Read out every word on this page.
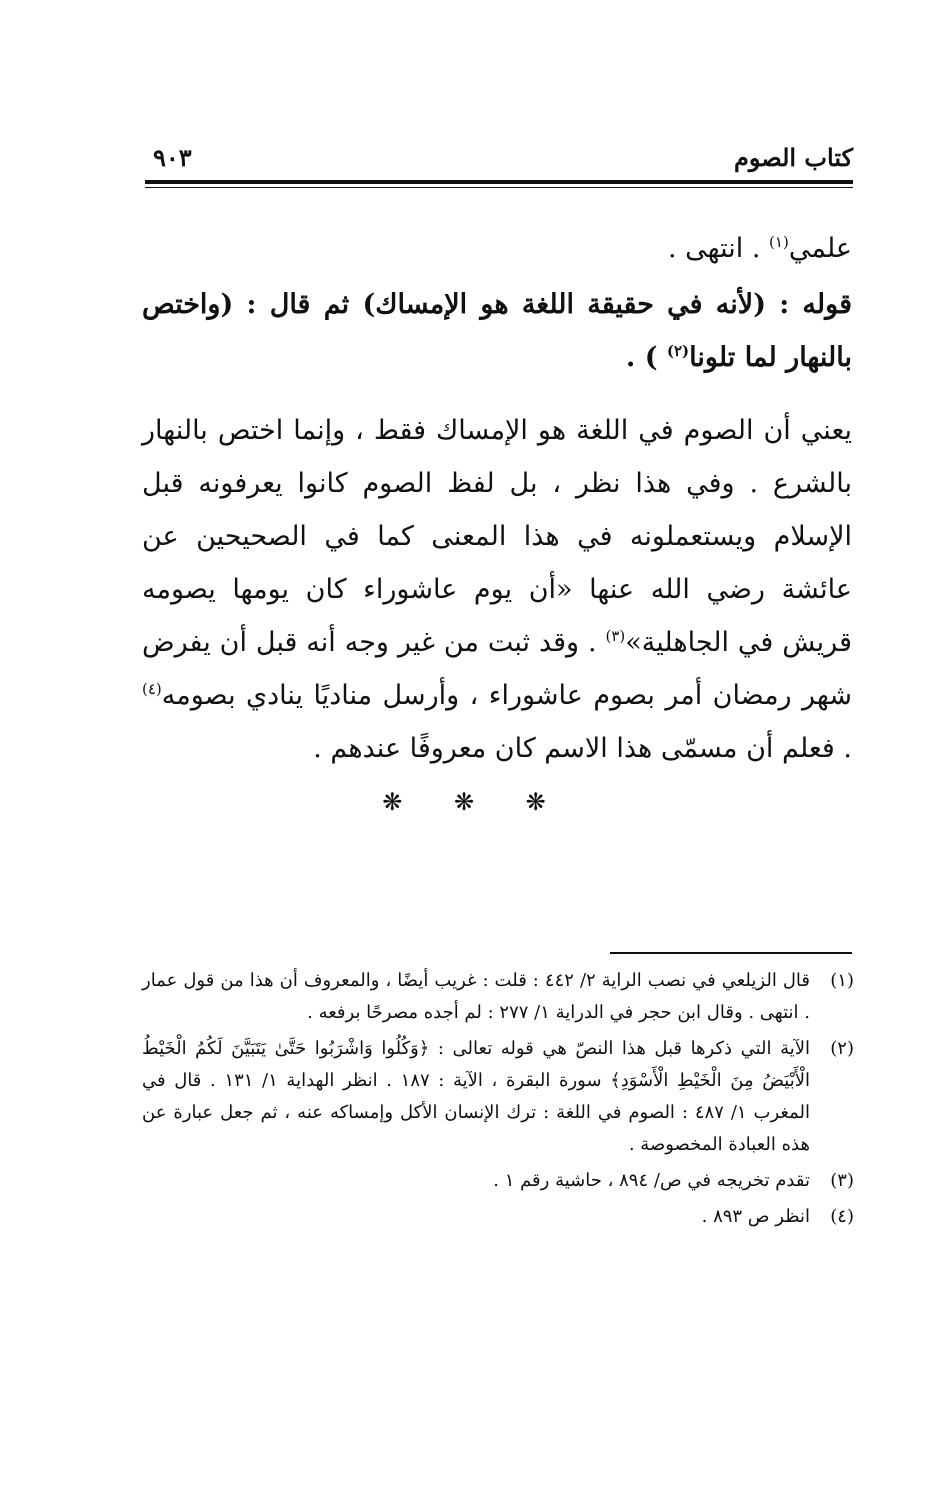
كتاب الصوم
٩٠٣

علمي$^{(١)}$ . انتهى .

قوله : (لأنه في حقيقة اللغة هو الإمساك) ثم قال : (واختص بالنهار لما تلونا$^{(٢)}$ ) .

يعني أن الصوم في اللغة هو الإمساك فقط ، وإنما اختص بالنهار بالشرع . وفي هذا نظر ، بل لفظ الصوم كانوا يعرفونه قبل الإسلام ويستعملونه في هذا المعنى كما في الصحيحين عن عائشة رضي الله عنها «أن يوم عاشوراء كان يومها يصومه قريش في الجاهلية»$^{(٣)}$ . وقد ثبت من غير وجه أنه قبل أن يفرض شهر رمضان أمر بصوم عاشوراء ، وأرسل مناديًا ينادي بصومه$^{(٤)}$ . فعلم أن مسمّى هذا الاسم كان معروفًا عندهم .

❋ ❋ ❋
(١)
قال الزيلعي في نصب الراية ٢/ ٤٤٢ : قلت : غريب أيضًا ، والمعروف أن هذا من قول عمار . انتهى . وقال ابن حجر في الدراية ١/ ٢٧٧ : لم أجده مصرحًا برفعه .
(٢)
الآية التي ذكرها قبل هذا النصّ هي قوله تعالى : ﴿وَكُلُوا وَاشْرَبُوا حَتَّىٰ يَتَبَيَّنَ لَكُمُ الْخَيْطُ الْأَبْيَضُ مِنَ الْخَيْطِ الْأَسْوَدِ﴾ سورة البقرة ، الآية : ١٨٧ . انظر الهداية ١/ ١٣١ . قال في المغرب ١/ ٤٨٧ : الصوم في اللغة : ترك الإنسان الأكل وإمساكه عنه ، ثم جعل عبارة عن هذه العبادة المخصوصة .
(٣)
تقدم تخريجه في ص/ ٨٩٤ ، حاشية رقم ١ .
(٤)
انظر ص ٨٩٣ .
